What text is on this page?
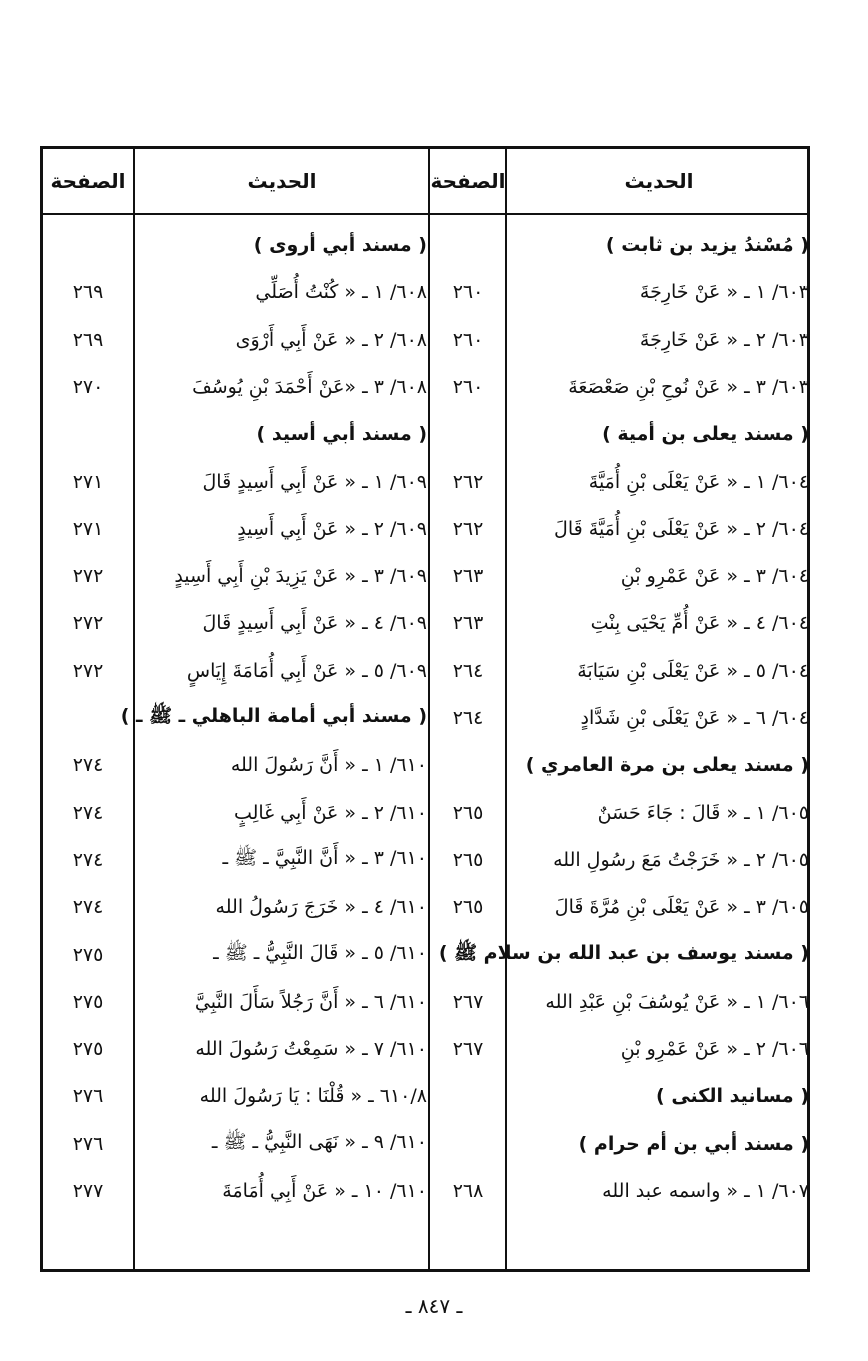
الحديث
الصفحة
الحديث
الصفحة
( مُسْندُ يزيد بن ثابت )
٦٠٣/ ١ ـ « عَنْ خَارِجَةَ
٢٦٠
٦٠٣/ ٢ ـ « عَنْ خَارِجَةَ
٢٦٠
٦٠٣/ ٣ ـ « عَنْ نُوحِ بْنِ صَعْصَعَةَ
٢٦٠
( مسند يعلى بن أمية )
٦٠٤/ ١ ـ « عَنْ يَعْلَى بْنِ أُمَيَّةَ
٢٦٢
٦٠٤/ ٢ ـ « عَنْ يَعْلَى بْنِ أُمَيَّةَ قَالَ
٢٦٢
٦٠٤/ ٣ ـ « عَنْ عَمْرِو بْنِ
٢٦٣
٦٠٤/ ٤ ـ « عَنْ أُمِّ يَحْيَى بِنْتِ
٢٦٣
٦٠٤/ ٥ ـ « عَنْ يَعْلَى بْنِ سَيَابَةَ
٢٦٤
٦٠٤/ ٦ ـ « عَنْ يَعْلَى بْنِ شَدَّادٍ
٢٦٤
( مسند يعلى بن مرة العامري )
٦٠٥/ ١ ـ « قَالَ : جَاءَ حَسَنٌ
٢٦٥
٦٠٥/ ٢ ـ « خَرَجْتُ مَعَ رسُولِ الله
٢٦٥
٦٠٥/ ٣ ـ « عَنْ يَعْلَى بْنِ مُرَّةَ قَالَ
٢٦٥
( مسند يوسف بن عبد الله بن سلام ﷺ )
٦٠٦/ ١ ـ « عَنْ يُوسُفَ بْنِ عَبْدِ الله
٢٦٧
٦٠٦/ ٢ ـ « عَنْ عَمْرِو بْنِ
٢٦٧
( مسانيد الكنى )
( مسند أبي بن أم حرام )
٦٠٧/ ١ ـ « واسمه عبد الله
٢٦٨
( مسند أبي أروى )
٦٠٨/ ١ ـ « كُنْتُ أُصَلِّي
٢٦٩
٦٠٨/ ٢ ـ « عَنْ أَبِي أَرْوَى
٢٦٩
٦٠٨/ ٣ ـ «عَنْ أَحْمَدَ بْنِ يُوسُفَ
٢٧٠
( مسند أبي أسيد )
٦٠٩/ ١ ـ « عَنْ أَبِي أَسِيدٍ قَالَ
٢٧١
٦٠٩/ ٢ ـ « عَنْ أَبِي أَسِيدٍ
٢٧١
٦٠٩/ ٣ ـ « عَنْ يَزِيدَ بْنِ أَبِي أَسِيدٍ
٢٧٢
٦٠٩/ ٤ ـ « عَنْ أَبِي أَسِيدٍ قَالَ
٢٧٢
٦٠٩/ ٥ ـ « عَنْ أَبِي أُمَامَةَ إِيَاسٍ
٢٧٢
( مسند أبي أمامة الباهلي ـ ﷺ ـ )
٦١٠/ ١ ـ « أَنَّ رَسُولَ الله
٢٧٤
٦١٠/ ٢ ـ « عَنْ أَبِي غَالِبٍ
٢٧٤
٦١٠/ ٣ ـ « أَنَّ النَّبِيَّ ـ ﷺ ـ
٢٧٤
٦١٠/ ٤ ـ « خَرَجَ رَسُولُ الله
٢٧٤
٦١٠/ ٥ ـ « قَالَ النَّبِيُّ ـ ﷺ ـ
٢٧٥
٦١٠/ ٦ ـ « أَنَّ رَجُلاً سَأَلَ النَّبِيَّ
٢٧٥
٦١٠/ ٧ ـ « سَمِعْتُ رَسُولَ الله
٢٧٥
٦١٠/٨ ـ « قُلْنَا : يَا رَسُولَ الله
٢٧٦
٦١٠/ ٩ ـ « نَهَى النَّبِيُّ ـ ﷺ ـ
٢٧٦
٦١٠/ ١٠ ـ « عَنْ أَبِي أُمَامَةَ
٢٧٧
ـ ٨٤٧ ـ
